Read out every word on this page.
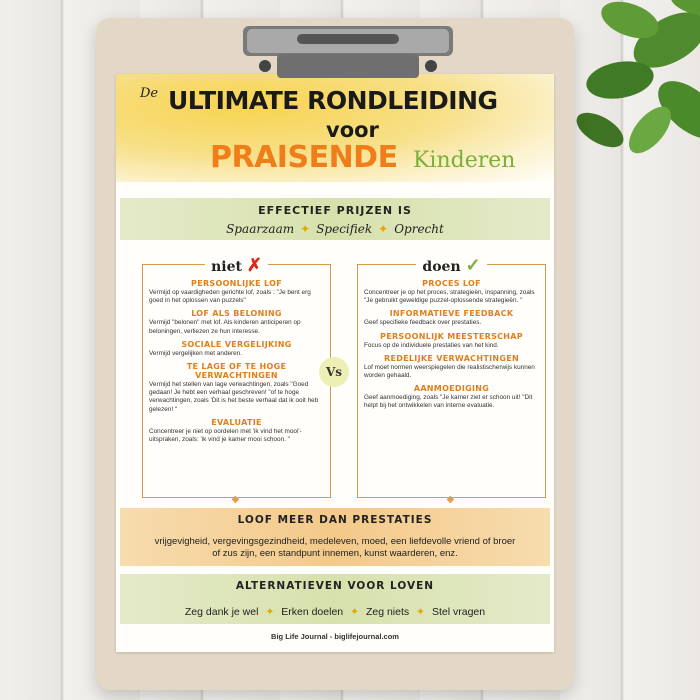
De ULTIMATE RONDLEIDING
voor
PRAISENDE Kinderen
EFFECTIEF PRIJZEN IS
Spaarzaam ✦ Specifiek ✦ Oprecht
niet ✗
PERSOONLIJKE LOF
Vermijd op vaardigheden gerichte lof, zoals : "Je bent erg goed in het oplossen van puzzels"
LOF ALS BELONING
Vermijd "belonen" met lof. Als kinderen anticiperen op beloningen, verliezen ze hun interesse.
SOCIALE VERGELIJKING
Vermijd vergelijken met anderen.
TE LAGE OF TE HOGE VERWACHTINGEN
Vermijd het stellen van lage verwachtingen, zoals "Goed gedaan! Je hebt een verhaal geschreven! "of te hoge verwachtingen, zoals 'Dit is het beste verhaal dat ik ooit heb gelezen! "
EVALUATIE
Concentreer je niet op oordelen met 'ik vind het mooi'-uitspraken, zoals: 'ik vind je kamer mooi schoon. "
◆
Vs
doen ✓
PROCES LOF
Concentreer je op het proces, strategieën, inspanning, zoals "Je gebruikt geweldige puzzel-oplossende strategieën. "
INFORMATIEVE FEEDBACK
Geef specifieke feedback over prestaties.
PERSOONLIJK MEESTERSCHAP
Focus op de individuele prestaties van het kind.
REDELIJKE VERWACHTINGEN
Lof moet normen weerspiegelen die realistischerwijs kunnen worden gehaald.
AANMOEDIGING
Geef aanmoediging, zoals "Je kamer ziet er schoon uit! "Dit helpt bij het ontwikkelen van interne evaluatie.
◆
LOOF MEER DAN PRESTATIES
vrijgevigheid, vergevingsgezindheid, medeleven, moed, een liefdevolle vriend of broer of zus zijn, een standpunt innemen, kunst waarderen, enz.
ALTERNATIEVEN VOOR LOVEN
Zeg dank je wel ✦ Erken doelen ✦ Zeg niets ✦ Stel vragen
Big Life Journal - biglifejournal.com
